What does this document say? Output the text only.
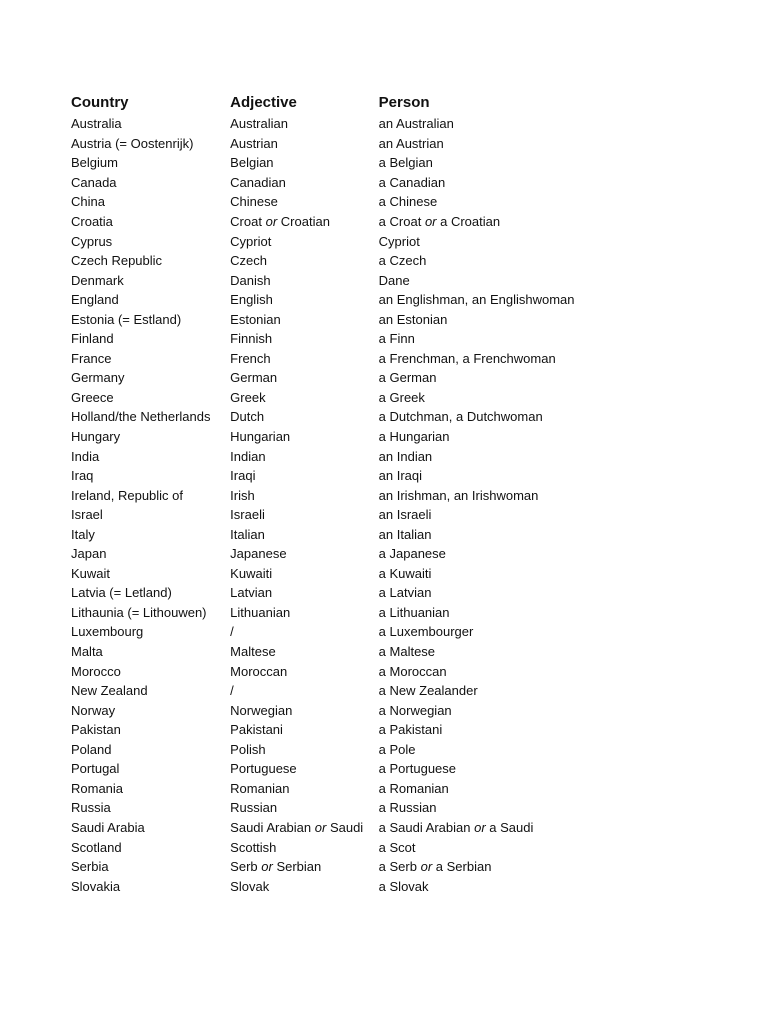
Country	Adjective	Person
Australia	Australian	an Australian
Austria (= Oostenrijk)	Austrian	an Austrian
Belgium	Belgian	a Belgian
Canada	Canadian	a Canadian
China	Chinese	a Chinese
Croatia	Croat or Croatian	a Croat or a Croatian
Cyprus	Cypriot	Cypriot
Czech Republic	Czech	a Czech
Denmark	Danish	Dane
England	English	an Englishman, an Englishwoman
Estonia (= Estland)	Estonian	an Estonian
Finland	Finnish	a Finn
France	French	a Frenchman, a Frenchwoman
Germany	German	a German
Greece	Greek	a Greek
Holland/the Netherlands	Dutch	a Dutchman, a Dutchwoman
Hungary	Hungarian	a Hungarian
India	Indian	an Indian
Iraq	Iraqi	an Iraqi
Ireland, Republic of	Irish	an Irishman, an Irishwoman
Israel	Israeli	an Israeli
Italy	Italian	an Italian
Japan	Japanese	a Japanese
Kuwait	Kuwaiti	a Kuwaiti
Latvia (= Letland)	Latvian	a Latvian
Lithaunia (= Lithouwen)	Lithuanian	a Lithuanian
Luxembourg	/	a Luxembourger
Malta	Maltese	a Maltese
Morocco	Moroccan	a Moroccan
New Zealand	/	a New Zealander
Norway	Norwegian	a Norwegian
Pakistan	Pakistani	a Pakistani
Poland	Polish	a Pole
Portugal	Portuguese	a Portuguese
Romania	Romanian	a Romanian
Russia	Russian	a Russian
Saudi Arabia	Saudi Arabian or Saudi	a Saudi Arabian or a Saudi
Scotland	Scottish	a Scot
Serbia	Serb or Serbian	a Serb or a Serbian
Slovakia	Slovak	a Slovak
